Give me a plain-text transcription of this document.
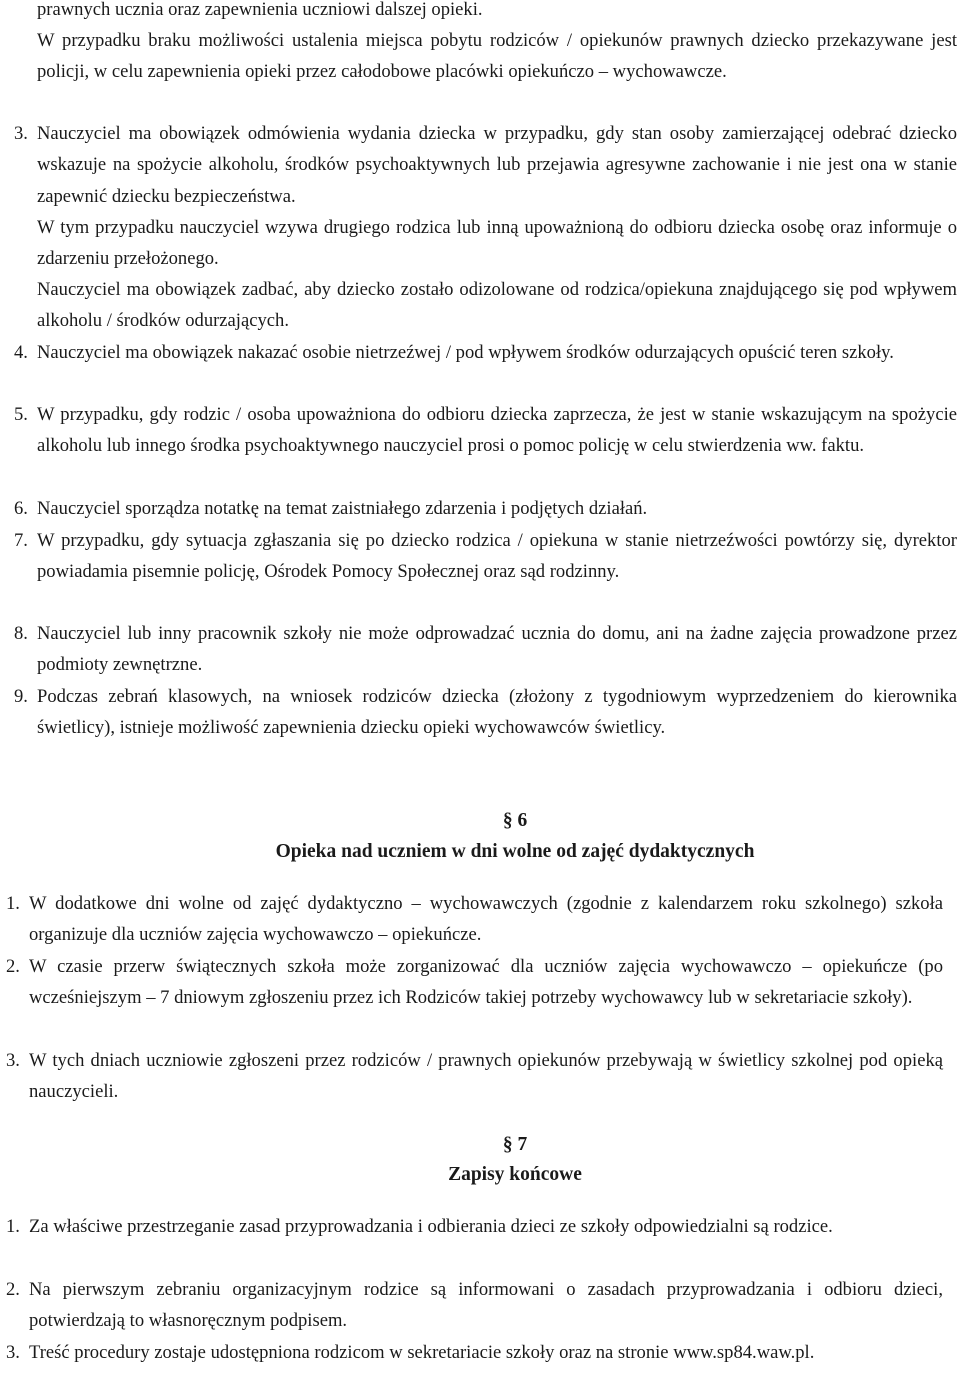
prawnych ucznia oraz zapewnienia uczniowi dalszej opieki.
W przypadku braku możliwości ustalenia miejsca pobytu rodziców / opiekunów prawnych dziecko przekazywane jest policji, w celu zapewnienia opieki przez całodobowe placówki opiekuńczo – wychowawcze.
3. Nauczyciel ma obowiązek odmówienia wydania dziecka w przypadku, gdy stan osoby zamierzającej odebrać dziecko wskazuje na spożycie alkoholu, środków psychoaktywnych lub przejawia agresywne zachowanie i nie jest ona w stanie zapewnić dziecku bezpieczeństwa.
W tym przypadku nauczyciel wzywa drugiego rodzica lub inną upoważnioną do odbioru dziecka osobę oraz informuje o zdarzeniu przełożonego.
Nauczyciel ma obowiązek zadbać, aby dziecko zostało odizolowane od rodzica/opiekuna znajdującego się pod wpływem alkoholu / środków odurzających.
4. Nauczyciel ma obowiązek nakazać osobie nietrzeźwej / pod wpływem środków odurzających opuścić teren szkoły.
5. W przypadku, gdy rodzic / osoba upoważniona do odbioru dziecka zaprzecza, że jest w stanie wskazującym na spożycie alkoholu lub innego środka psychoaktywnego nauczyciel prosi o pomoc policję w celu stwierdzenia ww. faktu.
6. Nauczyciel sporządza notatkę na temat zaistniałego zdarzenia i podjętych działań.
7. W przypadku, gdy sytuacja zgłaszania się po dziecko rodzica / opiekuna w stanie nietrzeźwości powtórzy się, dyrektor powiadamia pisemnie policję, Ośrodek Pomocy Społecznej oraz sąd rodzinny.
8. Nauczyciel lub inny pracownik szkoły nie może odprowadzać ucznia do domu, ani na żadne zajęcia prowadzone przez podmioty zewnętrzne.
9. Podczas zebrań klasowych, na wniosek rodziców dziecka (złożony z tygodniowym wyprzedzeniem do kierownika świetlicy), istnieje możliwość zapewnienia dziecku opieki wychowawców świetlicy.
§ 6
Opieka nad uczniem w dni wolne od zajęć dydaktycznych
1. W dodatkowe dni wolne od zajęć dydaktyczno – wychowawczych (zgodnie z kalendarzem roku szkolnego) szkoła organizuje dla uczniów zajęcia wychowawczo – opiekuńcze.
2. W czasie przerw świątecznych szkoła może zorganizować dla uczniów zajęcia wychowawczo – opiekuńcze (po wcześniejszym – 7 dniowym zgłoszeniu przez ich Rodziców takiej potrzeby wychowawcy lub w sekretariacie szkoły).
3. W tych dniach uczniowie zgłoszeni przez rodziców / prawnych opiekunów przebywają w świetlicy szkolnej pod opieką nauczycieli.
§ 7
Zapisy końcowe
1. Za właściwe przestrzeganie zasad przyprowadzania i odbierania dzieci ze szkoły odpowiedzialni są rodzice.
2. Na pierwszym zebraniu organizacyjnym rodzice są informowani o zasadach przyprowadzania i odbioru dzieci, potwierdzają to własnoręcznym podpisem.
3. Treść procedury zostaje udostępniona rodzicom w sekretariacie szkoły oraz na stronie www.sp84.waw.pl.
